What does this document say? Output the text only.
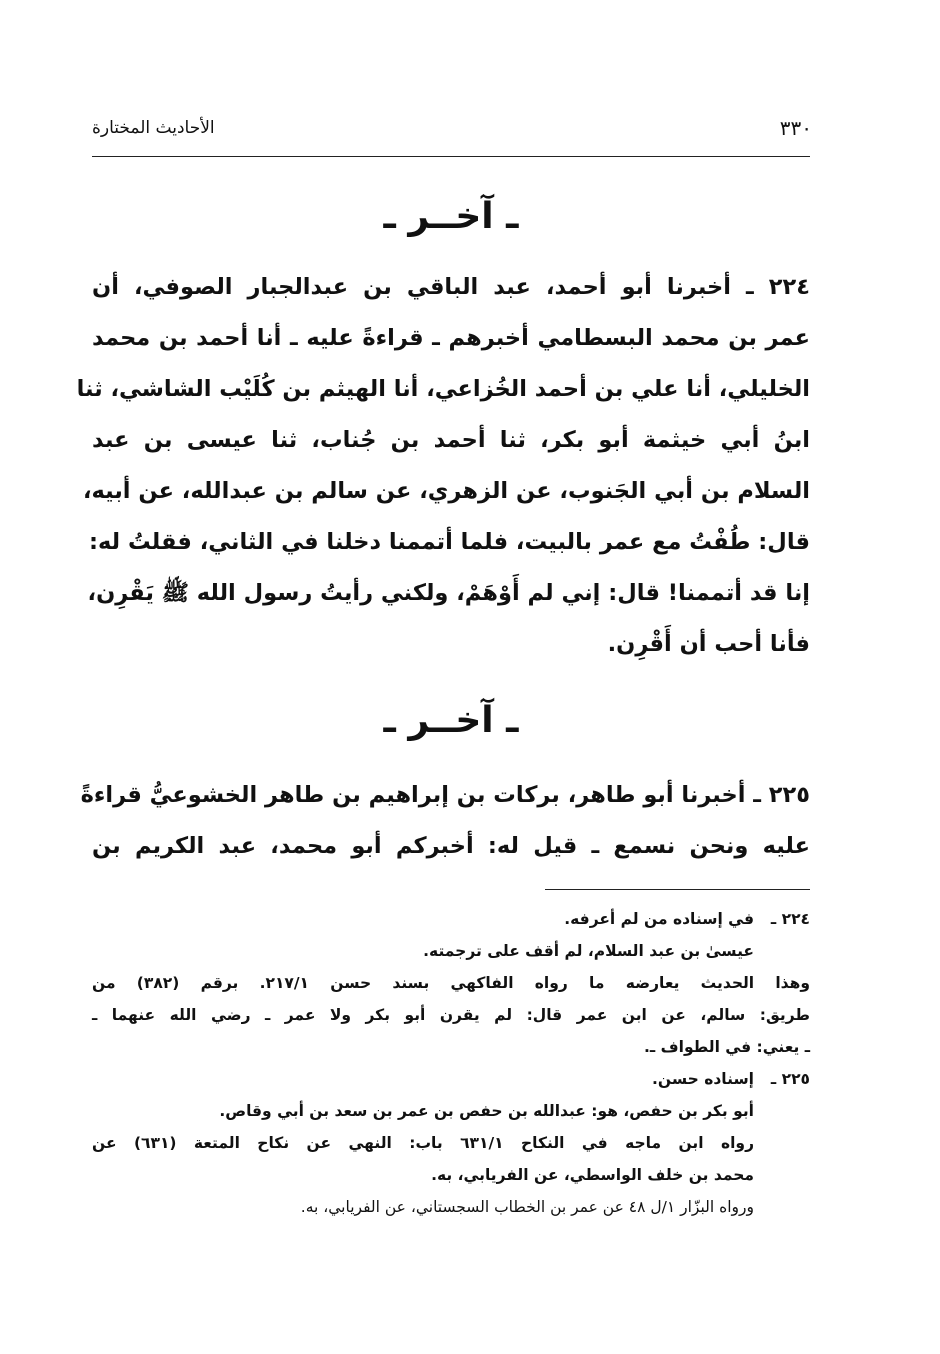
٣٣٠
الأحاديث المختارة
ـ آخــر ـ
٢٢٤ ـ أخبرنا أبو أحمد، عبد الباقي بن عبدالجبار الصوفي، أن
عمر بن محمد البسطامي أخبرهم ـ قراءةً عليه ـ أنا أحمد بن محمد
الخليلي، أنا علي بن أحمد الخُزاعي، أنا الهيثم بن كُلَيْب الشاشي، ثنا
ابنُ أبي خيثمة أبو بكر، ثنا أحمد بن جُناب، ثنا عيسى بن عبد
السلام بن أبي الجَنوب، عن الزهري، عن سالم بن عبدالله، عن أبيه،
قال: طُفْتُ مع عمر بالبيت، فلما أتممنا دخلنا في الثاني، فقلتُ له:
إنا قد أتممنا! قال: إني لم أَوْهَمْ، ولكني رأيتُ رسول الله ﷺ يَقْرِن،
فأنا أحب أن أَقْرِن.
ـ آخــر ـ
٢٢٥ ـ أخبرنا أبو طاهر، بركات بن إبراهيم بن طاهر الخشوعيُّ قراءةً
عليه ونحن نسمع ـ قيل له: أخبركم أبو محمد، عبد الكريم بن
٢٢٤ ـفي إسناده من لم أعرفه.
عيسىٰ بن عبد السلام، لم أقف على ترجمته.
وهذا الحديث يعارضه ما رواه الفاكهي بسند حسن ٢١٧/١. برقم (٣٨٢) من
طريق: سالم، عن ابن عمر قال: لم يقرن أبو بكر ولا عمر ـ رضي الله عنهما ـ
ـ يعني: في الطواف ـ.
٢٢٥ ـإسناده حسن.
أبو بكر بن حفص، هو: عبدالله بن حفص بن عمر بن سعد بن أبي وقاص.
رواه ابن ماجه في النكاح ٦٣١/١ باب: النهي عن نكاح المتعة (٦٣١) عن
محمد بن خلف الواسطي، عن الفريابي، به.
ورواه البزّار ١/ل ٤٨ عن عمر بن الخطاب السجستاني، عن الفريابي، به.
